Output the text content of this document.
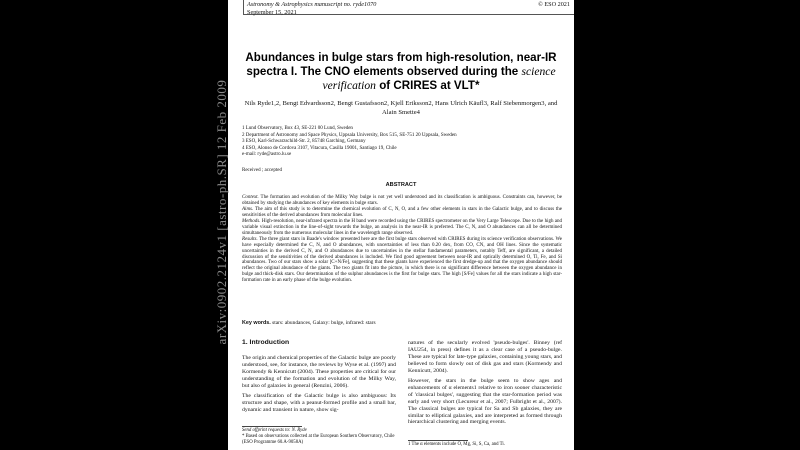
Astronomy & Astrophysics manuscript no. ryde1070
September 15, 2021
© ESO 2021
Abundances in bulge stars from high-resolution, near-IR spectra I. The CNO elements observed during the science verification of CRIRES at VLT*
Nils Ryde1,2, Bengt Edvardsson2, Bengt Gustafsson2, Kjell Eriksson2, Hans Ulrich Käufl3, Ralf Siebenmorgen3, and Alain Smette4
1 Lund Observatory, Box 43, SE-221 00 Lund, Sweden
2 Department of Astronomy and Space Physics, Uppsala University, Box 515, SE-751 20 Uppsala, Sweden
3 ESO, Karl-Schwarzschild-Str. 2, 85748 Garching, Germany
4 ESO, Alonso de Cordova 3107, Vitacura, Casilla 19001, Santiago 19, Chile
e-mail: ryde@astro.lu.se
Received ; accepted
ABSTRACT

Context. The formation and evolution of the Milky Way bulge is not yet well understood and its classification is ambiguous. Constraints can, however, be obtained by studying the abundances of key elements in bulge stars.

Aims. The aim of this study is to determine the chemical evolution of C, N, O, and a few other elements in stars in the Galactic bulge, and to discuss the sensitivities of the derived abundances from molecular lines.

Methods. High-resolution, near-infrared spectra in the H band were recorded using the CRIRES spectrometer on the Very Large Telescope. Due to the high and variable visual extinction in the line-of-sight towards the bulge, an analysis in the near-IR is preferred. The C, N, and O abundances can all be determined simultaneously from the numerous molecular lines in the wavelength range observed.

Results. The three giant stars in Baade's window presented here are the first bulge stars observed with CRIRES during its science verification observations. We have especially determined the C, N, and O abundances, with uncertainties of less than 0.20 dex, from CO, CN, and OH lines. Since the systematic uncertainties in the derived C, N, and O abundances due to uncertainties in the stellar fundamental parameters, notably Teff, are significant, a detailed discussion of the sensitivities of the derived abundances is included. We find good agreement between near-IR and optically determined O, Ti, Fe, and Si abundances. Two of our stars show a solar [C+N/Fe], suggesting that these giants have experienced the first dredge-up and that the oxygen abundance should reflect the original abundance of the giants. The two giants fit into the picture, in which there is no significant difference between the oxygen abundance in bulge and thick-disk stars. Our determination of the sulphur abundances is the first for bulge stars. The high [S/Fe] values for all the stars indicate a high star-formation rate in an early phase of the bulge evolution.

Key words. stars: abundances, Galaxy: bulge, infrared: stars
1. Introduction

The origin and chemical properties of the Galactic bulge are poorly understood, see, for instance, the reviews by Wyse et al. (1997) and Kormendy & Kennicutt (2004). These properties are critical for our understanding of the formation and evolution of the Milky Way, but also of galaxies in general (Renzini, 2006).

The classification of the Galactic bulge is also ambiguous: Its structure and shape, with a peanut-formed profile and a small bar, dynamic and transient in nature, show sig-

natures of the secularly evolved 'pseudo-bulges'. Binney (ref IAU254, in press) defines it as a clear case of a pseudo-bulge. These are typical for late-type galaxies, containing young stars, and believed to form slowly out of disk gas and stars (Kormendy and Kennicutt, 2004).

However, the stars in the bulge seem to show ages and enhancements of α elements1 relative to iron sooner characteristic of 'classical bulges', suggesting that the star-formation period was early and very short (Lecureur et al., 2007; Fulbright et al., 2007). The classical bulges are typical for Sa and Sb galaxies, they are similar to elliptical galaxies, and are interpreted as formed through hierarchical clustering and merging events.

Send offprint requests to: N. Ryde
* Based on observations collected at the European Southern Observatory, Chile (ESO Programme 60.A-9058A)	1 The α elements include O, Mg, Si, S, Ca, and Ti.
arXiv:0902.2124v1 [astro-ph.SR] 12 Feb 2009
